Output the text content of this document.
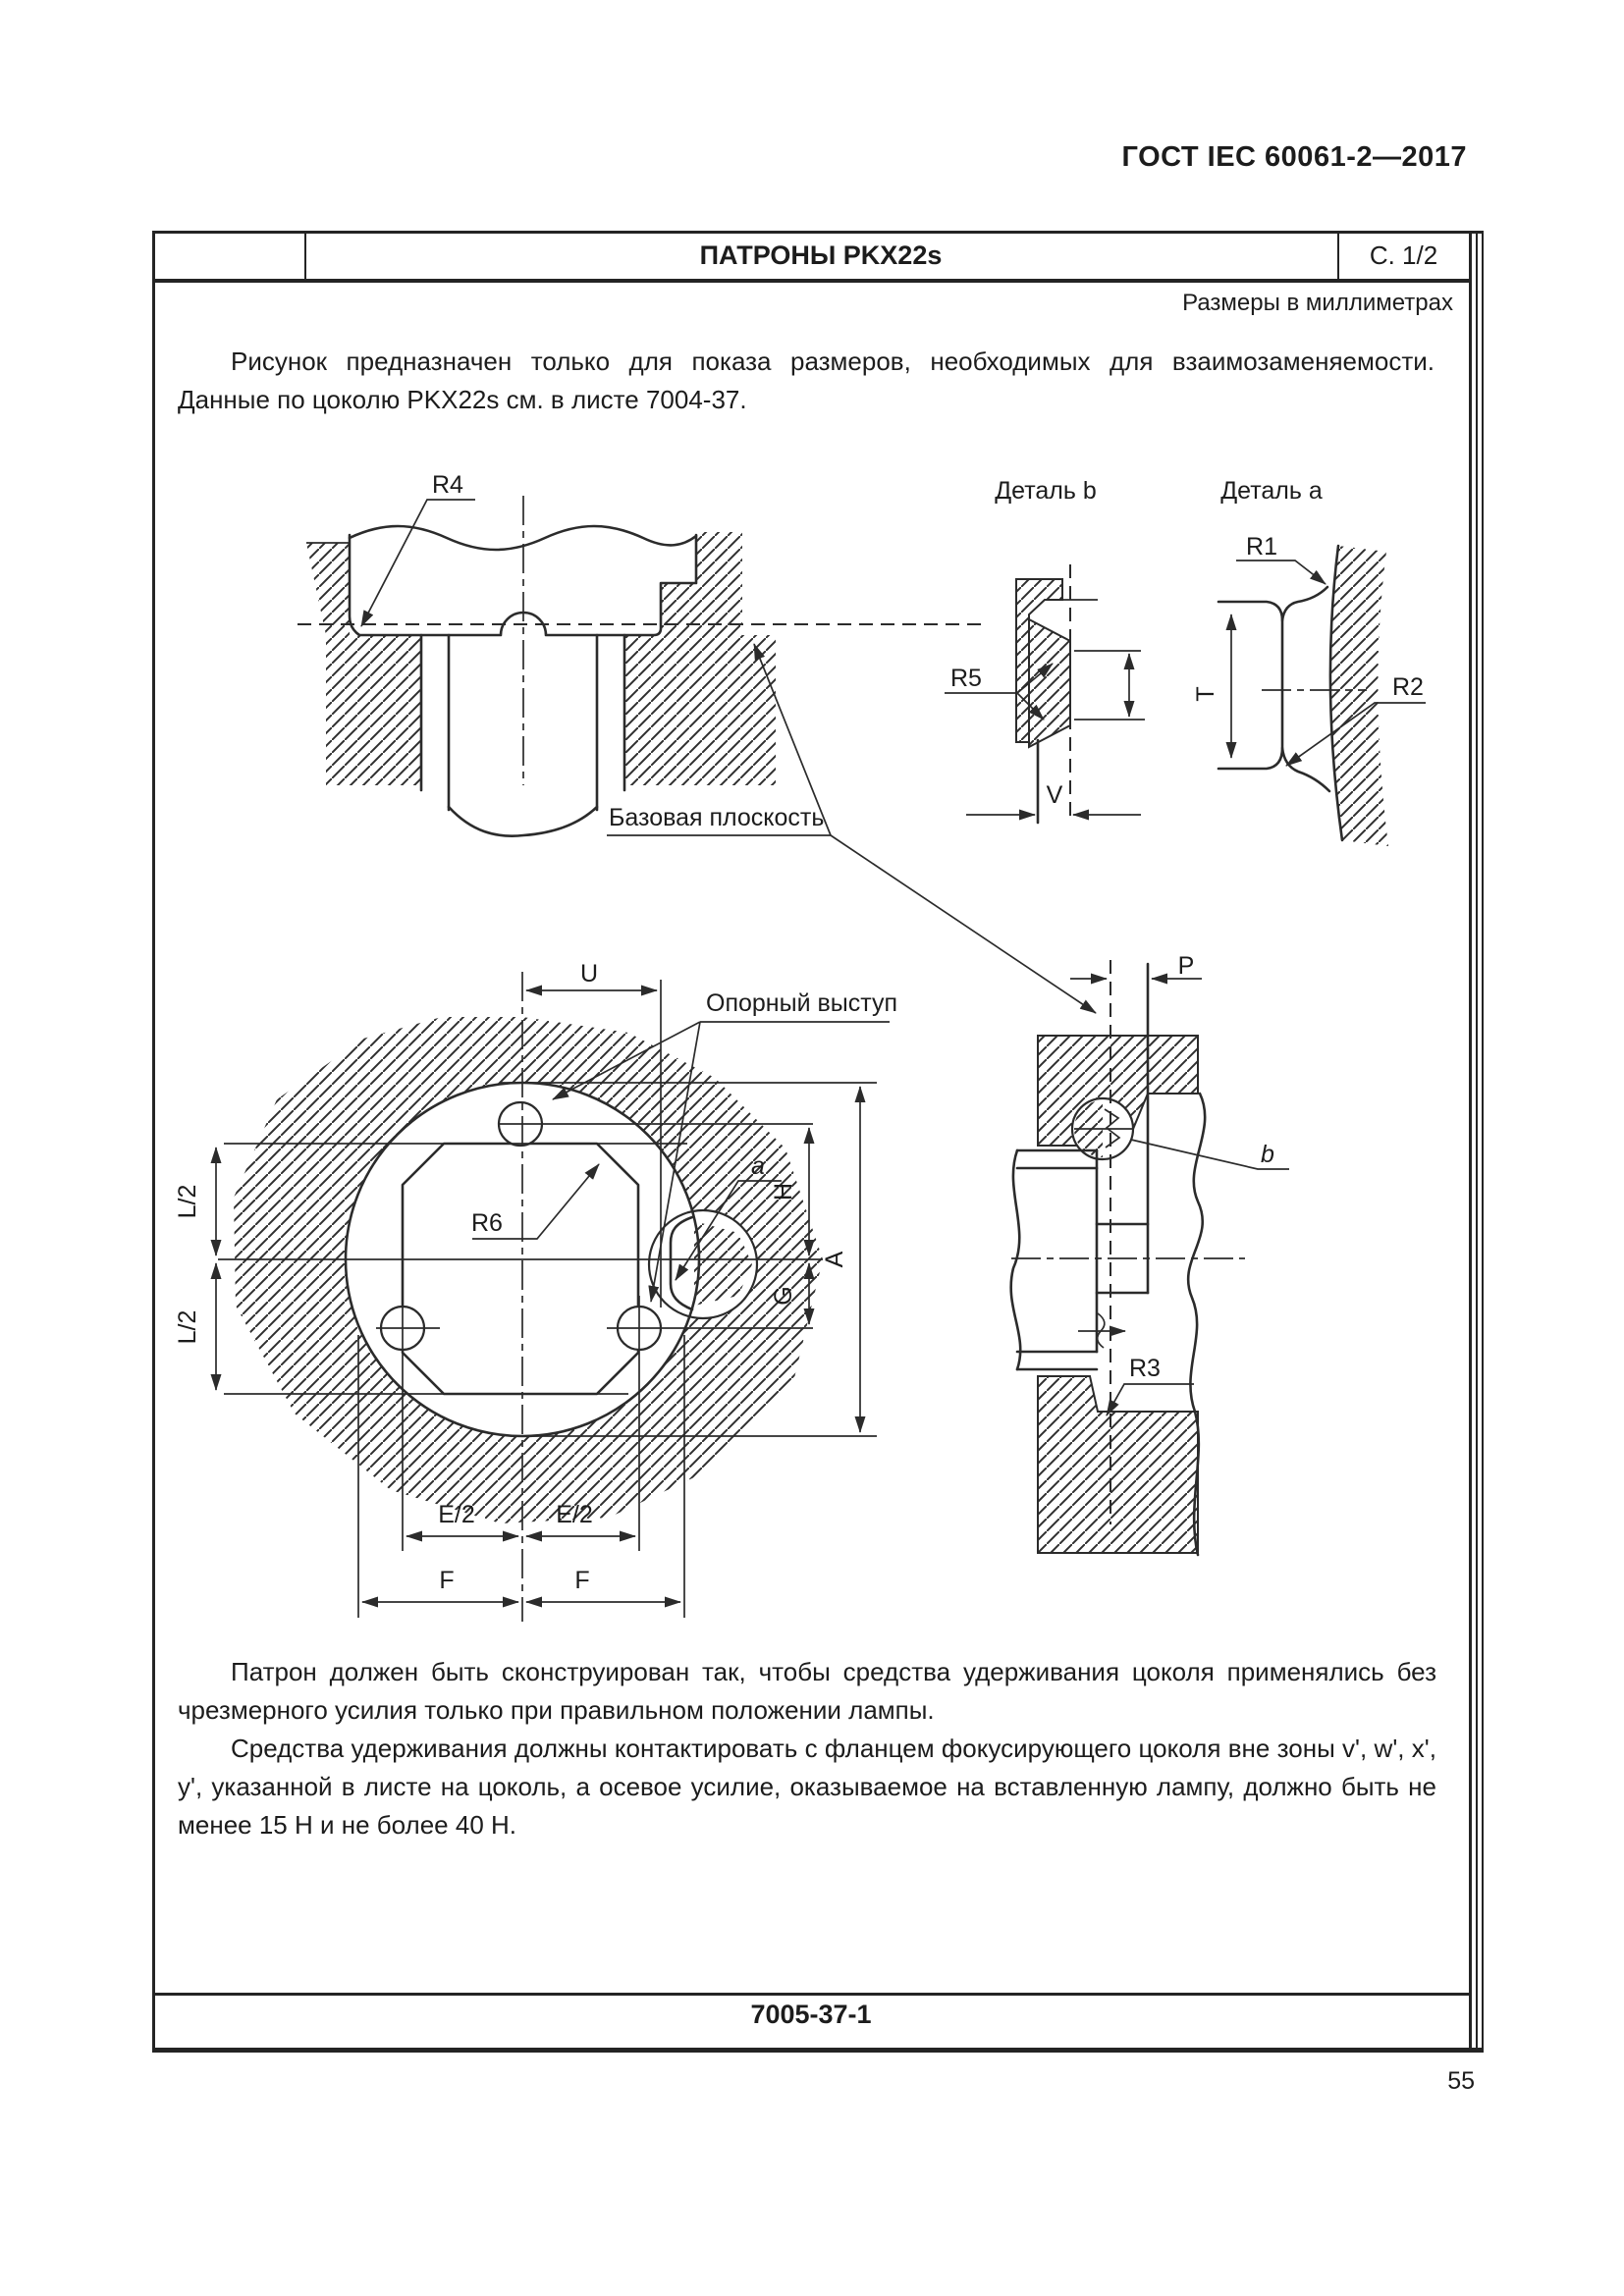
ГОСТ IEC 60061-2—2017
ПАТРОНЫ PKX22s	С. 1/2
Размеры в миллиметрах

Рисунок предназначен только для показа размеров, необходимых для взаимозаменяемости. Данные по цоколю PKX22s см. в листе 7004-37.

R4
Базовая плоскость
Деталь b
R5
V
Деталь a
T
R1
R2
U
Опорный выступ
a
R6
H
G
A
L/2
L/2
E/2	E/2
F	F
P
b
R3

Патрон должен быть сконструирован так, чтобы средства удерживания цоколя применялись без чрезмерного усилия только при правильном положении лампы.

Средства удерживания должны контактировать с фланцем фокусирующего цоколя вне зоны v', w', x', y', указанной в листе на цоколь, а осевое усилие, оказываемое на вставленную лампу, должно быть не менее 15 Н и не более 40 Н.

7005-37-1
55
